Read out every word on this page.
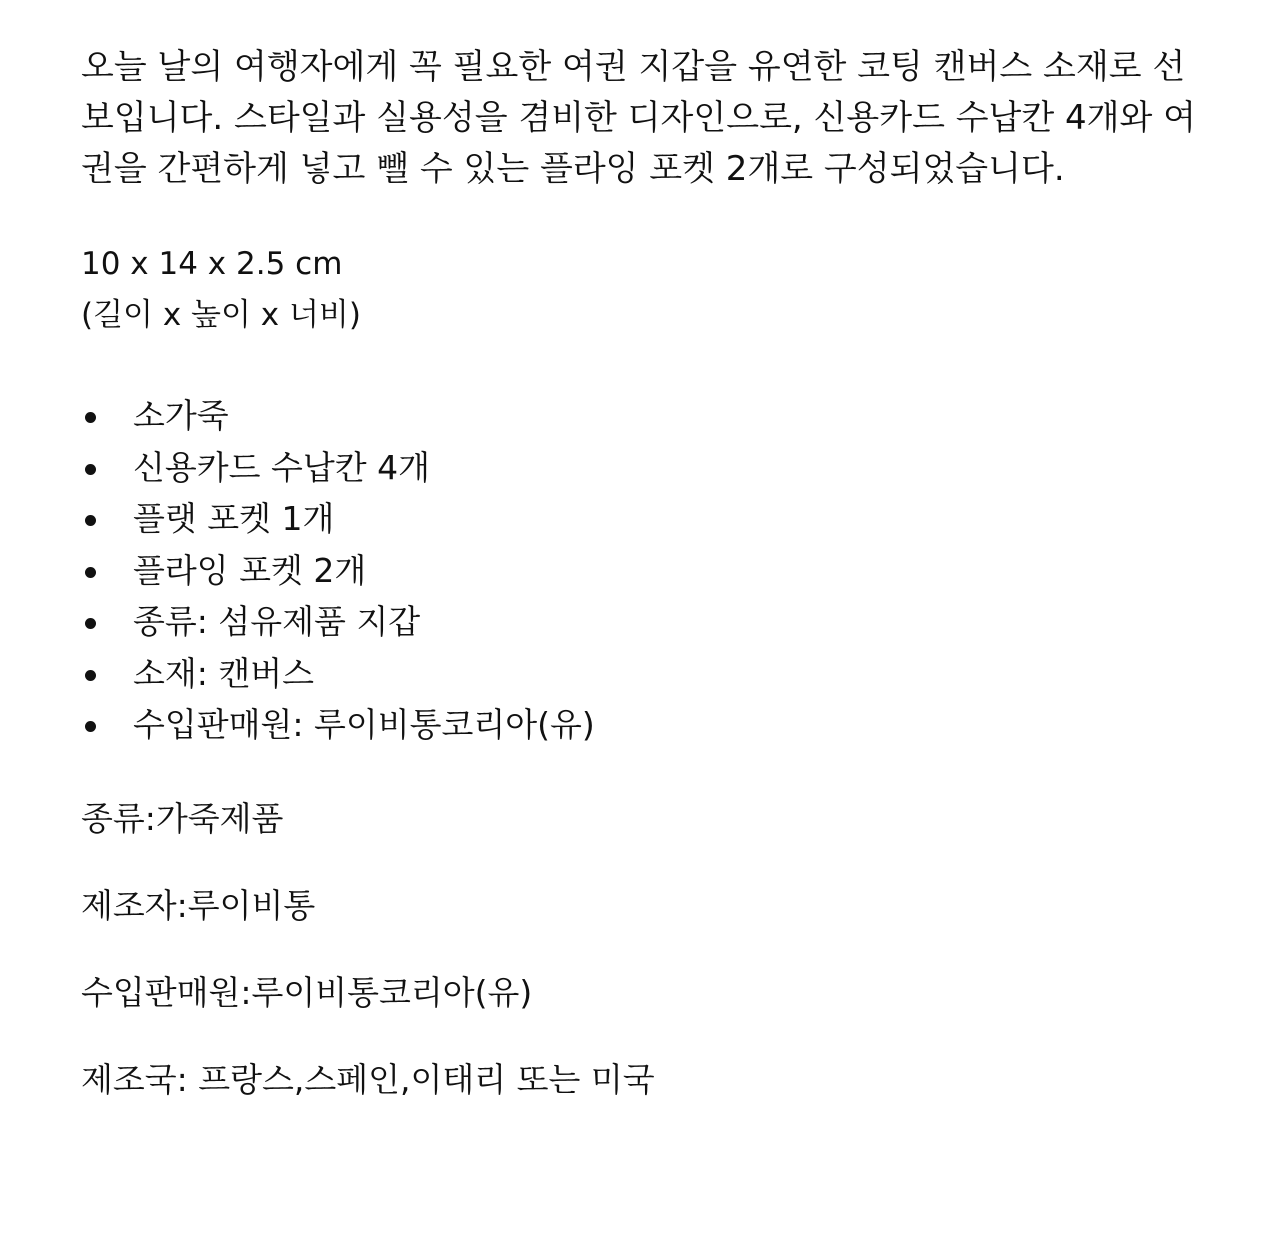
오늘 날의 여행자에게 꼭 필요한 여권 지갑을 유연한 코팅 캔버스 소재로 선보입니다. 스타일과 실용성을 겸비한 디자인으로, 신용카드 수납칸 4개와 여권을 간편하게 넣고 뺄 수 있는 플라잉 포켓 2개로 구성되었습니다.

10 x 14 x 2.5 cm
(길이 x 높이 x 너비)
소가죽
신용카드 수납칸 4개
플랫 포켓 1개
플라잉 포켓 2개
종류: 섬유제품 지갑
소재: 캔버스
수입판매원: 루이비통코리아(유)

종류:가죽제품

제조자:루이비통

수입판매원:루이비통코리아(유)

제조국: 프랑스,스페인,이태리 또는 미국
